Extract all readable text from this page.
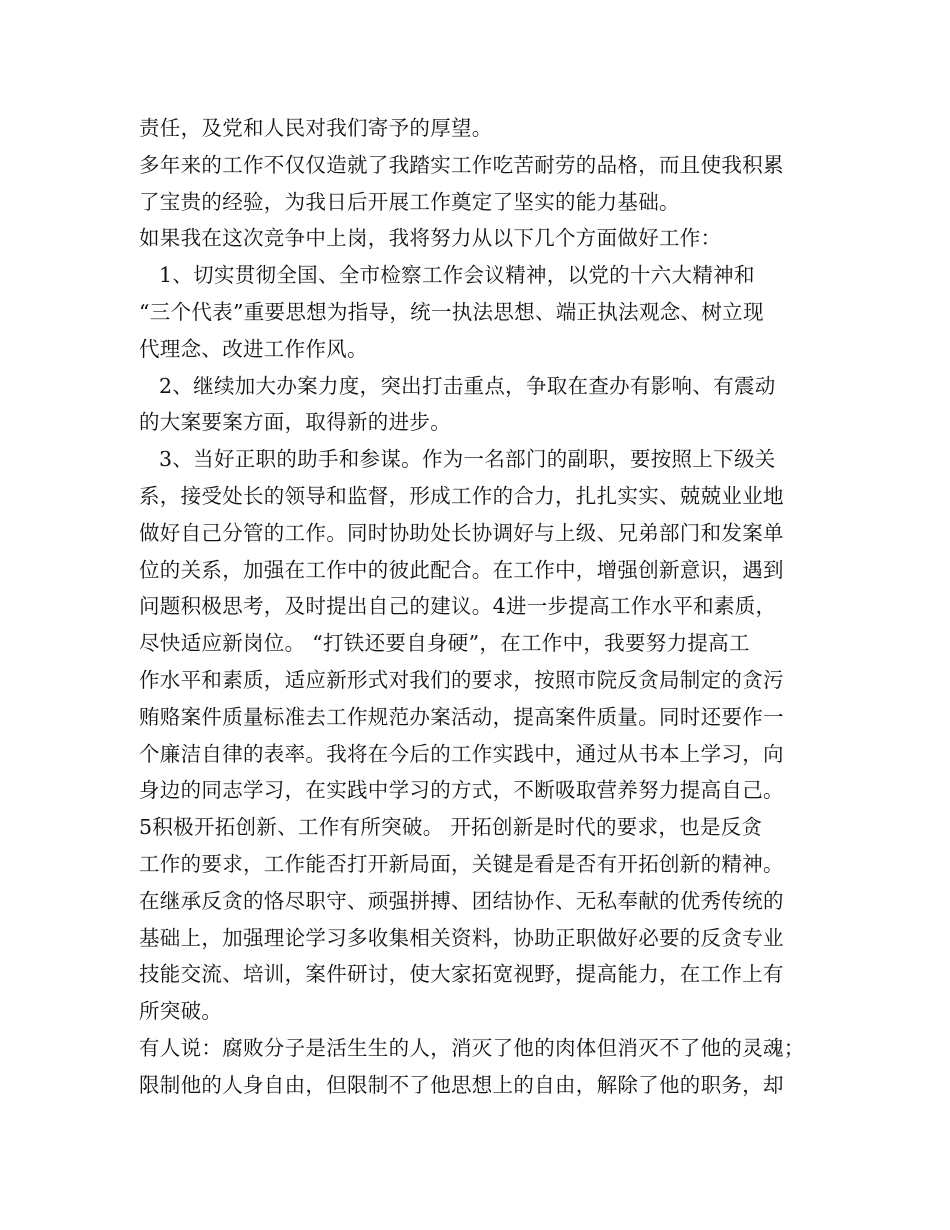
责任，及党和人民对我们寄予的厚望。
多年来的工作不仅仅造就了我踏实工作吃苦耐劳的品格，而且使我积累
了宝贵的经验，为我日后开展工作奠定了坚实的能力基础。
如果我在这次竞争中上岗，我将努力从以下几个方面做好工作：
1、切实贯彻全国、全市检察工作会议精神，以党的十六大精神和
“三个代表”重要思想为指导，统一执法思想、端正执法观念、树立现
代理念、改进工作作风。
2、继续加大办案力度，突出打击重点，争取在查办有影响、有震动
的大案要案方面，取得新的进步。
3、当好正职的助手和参谋。作为一名部门的副职，要按照上下级关
系，接受处长的领导和监督，形成工作的合力，扎扎实实、兢兢业业地
做好自己分管的工作。同时协助处长协调好与上级、兄弟部门和发案单
位的关系，加强在工作中的彼此配合。在工作中，增强创新意识，遇到
问题积极思考，及时提出自己的建议。4进一步提高工作水平和素质，
尽快适应新岗位。 “打铁还要自身硬”，在工作中，我要努力提高工
作水平和素质，适应新形式对我们的要求，按照市院反贪局制定的贪污
贿赂案件质量标准去工作规范办案活动，提高案件质量。同时还要作一
个廉洁自律的表率。我将在今后的工作实践中，通过从书本上学习，向
身边的同志学习，在实践中学习的方式，不断吸取营养努力提高自己。
5积极开拓创新、工作有所突破。 开拓创新是时代的要求，也是反贪
工作的要求，工作能否打开新局面，关键是看是否有开拓创新的精神。
在继承反贪的恪尽职守、顽强拼搏、团结协作、无私奉献的优秀传统的
基础上，加强理论学习多收集相关资料，协助正职做好必要的反贪专业
技能交流、培训，案件研讨，使大家拓宽视野，提高能力，在工作上有
所突破。
有人说：腐败分子是活生生的人，消灭了他的肉体但消灭不了他的灵魂；
限制他的人身自由，但限制不了他思想上的自由，解除了他的职务，却
